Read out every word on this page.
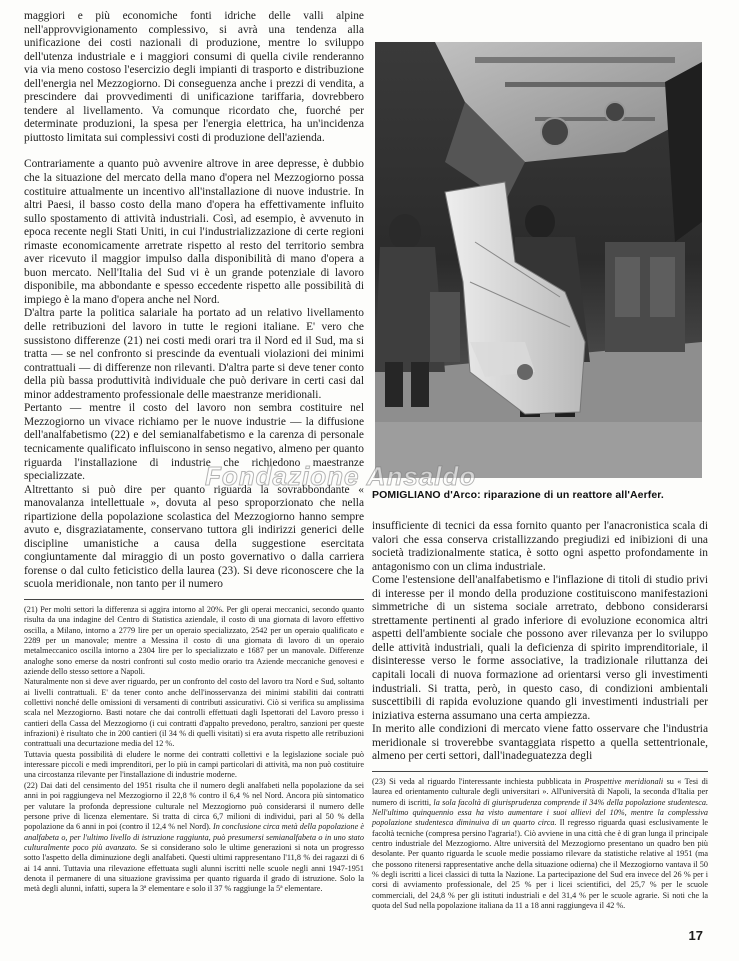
maggiori e più economiche fonti idriche delle valli alpine nell'approvvigionamento complessivo, si avrà una tendenza alla unificazione dei costi nazionali di produzione, mentre lo sviluppo dell'utenza industriale e i maggiori consumi di quella civile renderanno via via meno costoso l'esercizio degli impianti di trasporto e distribuzione dell'energia nel Mezzogiorno. Di conseguenza anche i prezzi di vendita, a prescindere dai provvedimenti di unificazione tariffaria, dovrebbero tendere al livellamento. Va comunque ricordato che, fuorché per determinate produzioni, la spesa per l'energia elettrica, ha un'incidenza piuttosto limitata sui complessivi costi di produzione dell'azienda.

Contrariamente a quanto può avvenire altrove in aree depresse, è dubbio che la situazione del mercato della mano d'opera nel Mezzogiorno possa costituire attualmente un incentivo all'installazione di nuove industrie. In altri Paesi, il basso costo della mano d'opera ha effettivamente influito sullo spostamento di attività industriali. Così, ad esempio, è avvenuto in epoca recente negli Stati Uniti, in cui l'industrializzazione di certe regioni rimaste economicamente arretrate rispetto al resto del territorio sembra aver ricevuto il maggior impulso dalla disponibilità di mano d'opera a buon mercato. Nell'Italia del Sud vi è un grande potenziale di lavoro disponibile, ma abbondante e spesso eccedente rispetto alle possibilità di impiego è la mano d'opera anche nel Nord.

D'altra parte la politica salariale ha portato ad un relativo livellamento delle retribuzioni del lavoro in tutte le regioni italiane. E' vero che sussistono differenze (21) nei costi medi orari tra il Nord ed il Sud, ma si tratta — se nel confronto si prescinde da eventuali violazioni dei minimi contrattuali — di differenze non rilevanti. D'altra parte si deve tener conto della più bassa produttività individuale che può derivare in certi casi dal minor addestramento professionale delle maestranze meridionali.

Pertanto — mentre il costo del lavoro non sembra costituire nel Mezzogiorno un vivace richiamo per le nuove industrie — la diffusione dell'analfabetismo (22) e del semianalfabetismo e la carenza di personale tecnicamente qualificato influiscono in senso negativo, almeno per quanto riguarda l'installazione di industrie che richiedono maestranze specializzate.

Altrettanto si può dire per quanto riguarda la sovrabbondante « manovalanza intellettuale », dovuta al peso sproporzionato che nella ripartizione della popolazione scolastica del Mezzogiorno hanno sempre avuto e, disgraziatamente, conservano tuttora gli indirizzi generici delle discipline umanistiche a causa della suggestione esercitata congiuntamente dal miraggio di un posto governativo o dalla carriera forense o dal culto feticistico della laurea (23). Si deve riconoscere che la scuola meridionale, non tanto per il numero

(21) Per molti settori la differenza si aggira intorno al 20%. Per gli operai meccanici, secondo quanto risulta da una indagine del Centro di Statistica aziendale, il costo di una giornata di lavoro effettivo oscilla, a Milano, intorno a 2779 lire per un operaio specializzato, 2542 per un operaio qualificato e 2289 per un manovale; mentre a Messina il costo di una giornata di lavoro di un operaio metalmeccanico oscilla intorno a 2304 lire per lo specializzato e 1687 per un manovale. Differenze analoghe sono emerse da nostri confronti sul costo medio orario tra Aziende meccaniche genovesi e aziende dello stesso settore a Napoli.

Naturalmente non si deve aver riguardo, per un confronto del costo del lavoro tra Nord e Sud, soltanto ai livelli contrattuali. E' da tener conto anche dell'inosservanza dei minimi stabiliti dai contratti collettivi nonché delle omissioni di versamenti di contributi assicurativi. Ciò si verifica su amplissima scala nel Mezzogiorno. Basti notare che dai controlli effettuati dagli Ispettorati del Lavoro presso i cantieri della Cassa del Mezzogiorno (i cui contratti d'appalto prevedono, peraltro, sanzioni per queste infrazioni) è risultato che in 200 cantieri (il 34 % di quelli visitati) si era avuta rispetto alle retribuzioni contrattuali una decurtazione media del 12 %.

Tuttavia questa possibilità di eludere le norme dei contratti collettivi e la legislazione sociale può interessare piccoli e medi imprenditori, per lo più in campi particolari di attività, ma non può costituire una circostanza rilevante per l'installazione di industrie moderne.

(22) Dai dati del censimento del 1951 risulta che il numero degli analfabeti nella popolazione da sei anni in poi raggiungeva nel Mezzogiorno il 22,8 % contro il 6,4 % nel Nord. Ancora più sintomatico per valutare la profonda depressione culturale nel Mezzogiorno può considerarsi il numero delle persone prive di licenza elementare. Si tratta di circa 6,7 milioni di individui, pari al 50 % della popolazione da 6 anni in poi (contro il 12,4 % nel Nord). In conclusione circa metà della popolazione è analfabeta o, per l'ultimo livello di istruzione raggiunta, può presumersi semianalfabeta o in uno stato culturalmente poco più avanzato. Se si considerano solo le ultime generazioni si nota un progresso sotto l'aspetto della diminuzione degli analfabeti. Questi ultimi rappresentano l'11,8 % dei ragazzi di 6 ai 14 anni. Tuttavia una rilevazione effettuata sugli alunni iscritti nelle scuole negli anni 1947-1951 denota il permanere di una situazione gravissima per quanto riguarda il grado di istruzione. Solo la metà degli alunni, infatti, supera la 3ª elementare e solo il 37 % raggiunge la 5ª elementare.

Fondazione Ansaldo
POMIGLIANO d'Arco: riparazione di un reattore all'Aerfer.

insufficiente di tecnici da essa fornito quanto per l'anacronistica scala di valori che essa conserva cristallizzando pregiudizi ed inibizioni di una società tradizionalmente statica, è sotto ogni aspetto profondamente in antagonismo con un clima industriale.

Come l'estensione dell'analfabetismo e l'inflazione di titoli di studio privi di interesse per il mondo della produzione costituiscono manifestazioni simmetriche di un sistema sociale arretrato, debbono considerarsi strettamente pertinenti al grado inferiore di evoluzione economica altri aspetti dell'ambiente sociale che possono aver rilevanza per lo sviluppo delle attività industriali, quali la deficienza di spirito imprenditoriale, il disinteresse verso le forme associative, la tradizionale riluttanza dei capitali locali di nuova formazione ad orientarsi verso gli investimenti industriali. Si tratta, però, in questo caso, di condizioni ambientali suscettibili di rapida evoluzione quando gli investimenti industriali per iniziativa esterna assumano una certa ampiezza.

In merito alle condizioni di mercato viene fatto osservare che l'industria meridionale si troverebbe svantaggiata rispetto a quella settentrionale, almeno per certi settori, dall'inadeguatezza degli

(23) Si veda al riguardo l'interessante inchiesta pubblicata in Prospettive meridionali su « Tesi di laurea ed orientamento culturale degli universitari ». All'università di Napoli, la seconda d'Italia per numero di iscritti, la sola facoltà di giurisprudenza comprende il 34% della popolazione studentesca. Nell'ultimo quinquennio essa ha visto aumentare i suoi allievi del 10%, mentre la complessiva popolazione studentesca diminuiva di un quarto circa. Il regresso riguarda quasi esclusivamente le facoltà tecniche (compresa persino l'agraria!). Ciò avviene in una città che è di gran lunga il principale centro industriale del Mezzogiorno. Altre università del Mezzogiorno presentano un quadro ben più desolante. Per quanto riguarda le scuole medie possiamo rilevare da statistiche relative al 1951 (ma che possono ritenersi rappresentative anche della situazione odierna) che il Mezzogiorno vantava il 50 % degli iscritti a licei classici di tutta la Nazione. La partecipazione del Sud era invece del 26 % per i corsi di avviamento professionale, del 25 % per i licei scientifici, del 25,7 % per le scuole commerciali, del 24,8 % per gli istituti industriali e del 31,4 % per le scuole agrarie. Si noti che la quota del Sud nella popolazione italiana da 11 a 18 anni raggiungeva il 42 %.

17
